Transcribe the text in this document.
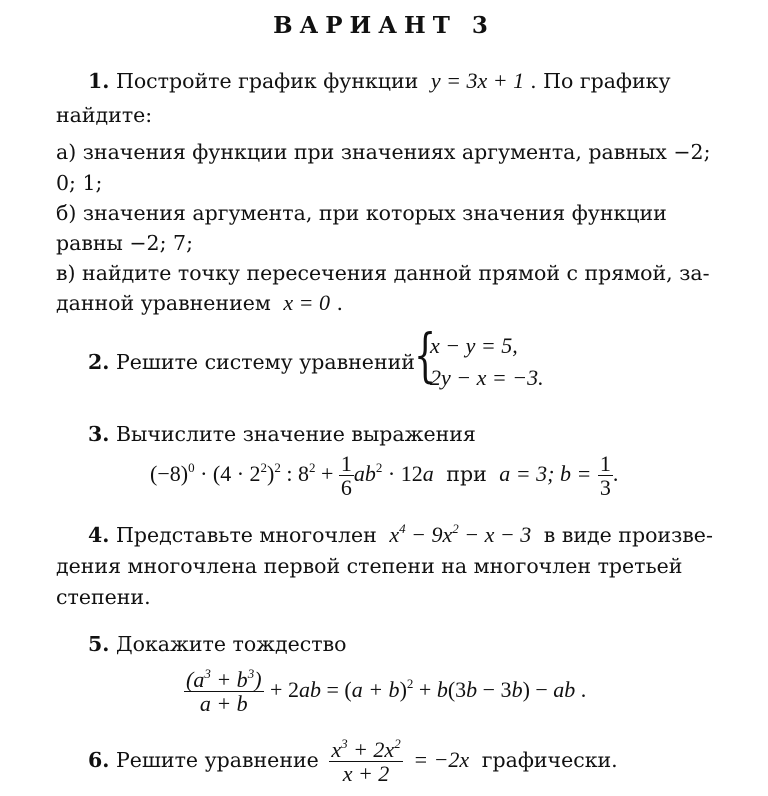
ВАРИАНТ 3
1. Постройте график функции y = 3x + 1 . По графику
найдите:
а) значения функции при значениях аргумента, равных −2;
0; 1;
б) значения аргумента, при которых значения функции
равны −2; 7;
в) найдите точку пересечения данной прямой с прямой, за-
данной уравнением x = 0 .
2. Решите систему уравнений {
x − y = 5,
2y − x = −3.
3. Вычислите значение выражения
$(-8)^0 \cdot (4 \cdot 2^2)^2$ : $8^2 + \frac{1}{6} ab^2 \cdot 12a$ при a = 3; $b = \frac{1}{3}$ .
4. Представьте многочлен $x^4 - 9x^2 - x - 3$ в виде произве-
дения многочлена первой степени на многочлен третьей
степени.
5. Докажите тождество
$\frac{(a^3 + b^3)}{a + b} + 2ab = (a + b)^2 + b(3b - 3b)$ − ab .
6. Решите уравнение $\frac{x^3 + 2x^2}{x + 2} = -2x$ графически.
